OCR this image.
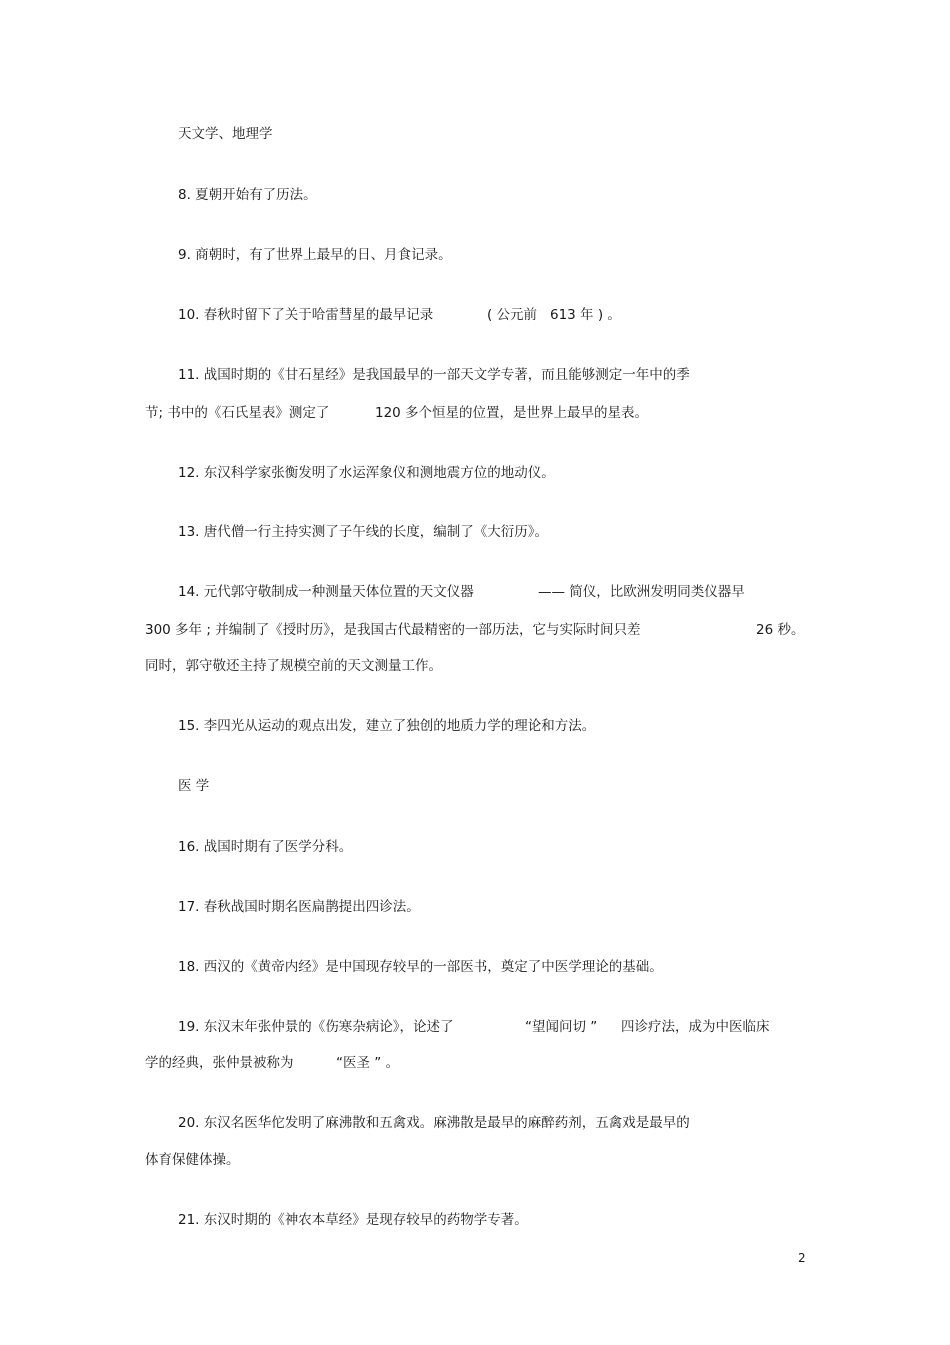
天文学、地理学
8. 夏朝开始有了历法。
9. 商朝时，有了世界上最早的日、月食记录。
10. 春秋时留下了关于哈雷彗星的最早记录	( 公元前 613 年 ) 。
11. 战国时期的《甘石星经》是我国最早的一部天文学专著，而且能够测定一年中的季
节; 书中的《石氏星表》测定了	120 多个恒星的位置，是世界上最早的星表。
12. 东汉科学家张衡发明了水运浑象仪和测地震方位的地动仪。
13. 唐代僧一行主持实测了子午线的长度，编制了《大衍历》。
14. 元代郭守敬制成一种测量天体位置的天文仪器	—— 简仪，比欧洲发明同类仪器早
300 多年 ; 并编制了《授时历》，是我国古代最精密的一部历法，它与实际时间只差	26 秒。
同时，郭守敬还主持了规模空前的天文测量工作。
15. 李四光从运动的观点出发，建立了独创的地质力学的理论和方法。
医 学
16. 战国时期有了医学分科。
17. 春秋战国时期名医扁鹊提出四诊法。
18. 西汉的《黄帝内经》是中国现存较早的一部医书，奠定了中医学理论的基础。
19. 东汉末年张仲景的《伤寒杂病论》，论述了	“望闻问切 ” 四诊疗法，成为中医临床
学的经典，张仲景被称为	“医圣 ” 。
20. 东汉名医华佗发明了麻沸散和五禽戏。麻沸散是最早的麻醉药剂，五禽戏是最早的
体育保健体操。
21. 东汉时期的《神农本草经》是现存较早的药物学专著。
2
